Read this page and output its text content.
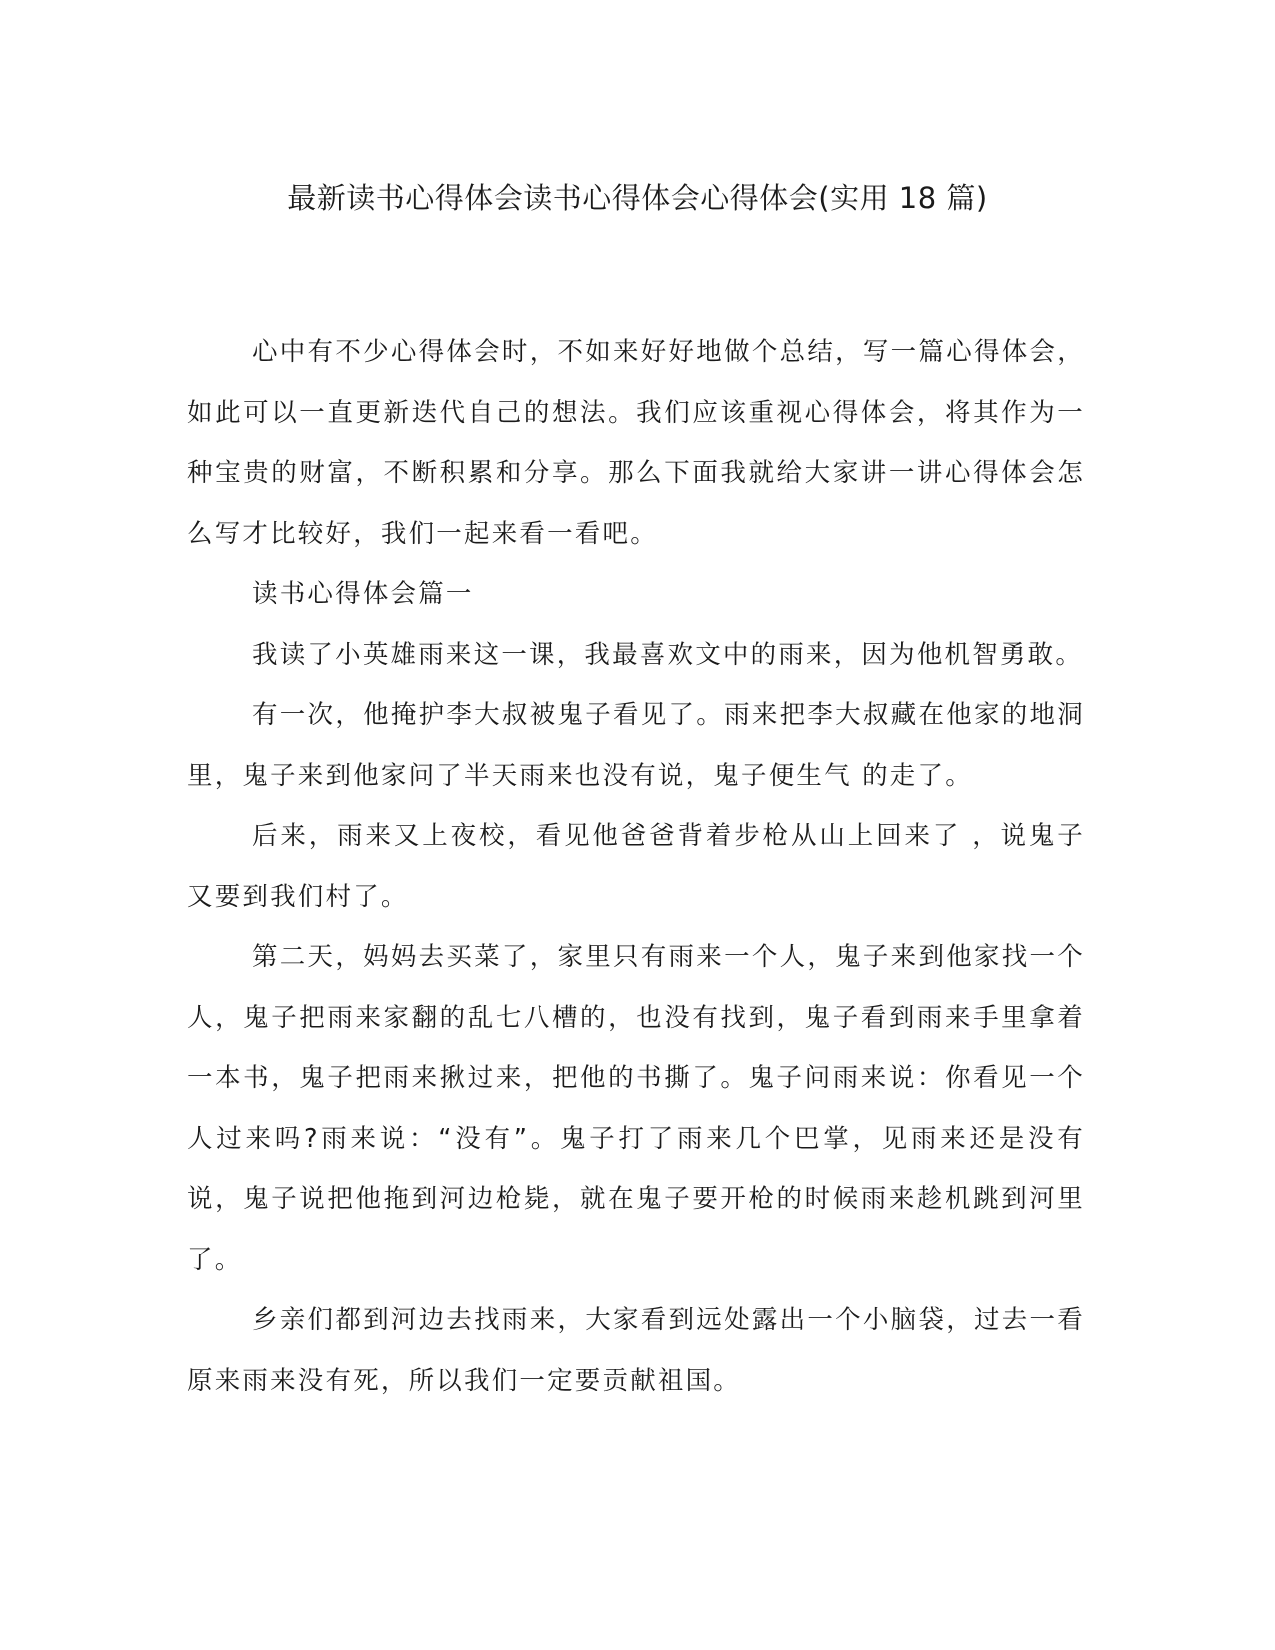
最新读书心得体会读书心得体会心得体会(实用 18 篇)

心中有不少心得体会时，不如来好好地做个总结，写一篇心得体会，如此可以一直更新迭代自己的想法。我们应该重视心得体会，将其作为一种宝贵的财富，不断积累和分享。那么下面我就给大家讲一讲心得体会怎么写才比较好，我们一起来看一看吧。

读书心得体会篇一

我读了小英雄雨来这一课，我最喜欢文中的雨来，因为他机智勇敢。

有一次，他掩护李大叔被鬼子看见了。雨来把李大叔藏在他家的地洞里，鬼子来到他家问了半天雨来也没有说，鬼子便生气 的走了。

后来，雨来又上夜校，看见他爸爸背着步枪从山上回来了 ，说鬼子又要到我们村了。

第二天，妈妈去买菜了，家里只有雨来一个人，鬼子来到他家找一个人，鬼子把雨来家翻的乱七八槽的，也没有找到，鬼子看到雨来手里拿着一本书，鬼子把雨来揪过来，把他的书撕了。鬼子问雨来说：你看见一个人过来吗?雨来说：“没有”。鬼子打了雨来几个巴掌，见雨来还是没有说，鬼子说把他拖到河边枪毙，就在鬼子要开枪的时候雨来趁机跳到河里了。

乡亲们都到河边去找雨来，大家看到远处露出一个小脑袋，过去一看原来雨来没有死，所以我们一定要贡献祖国。
